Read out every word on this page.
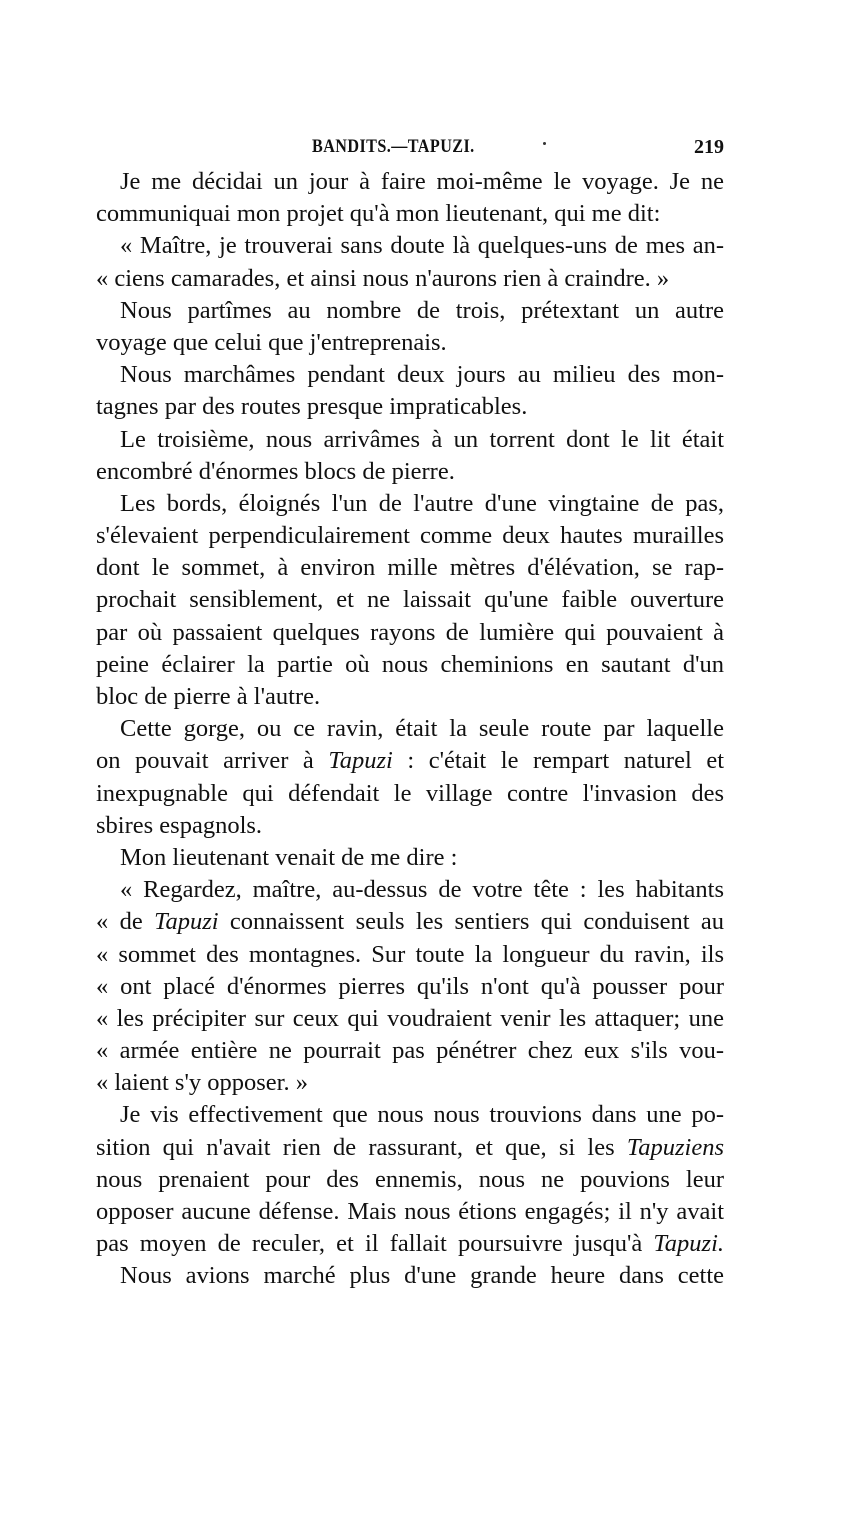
BANDITS.—TAPUZI.	219
Je me décidai un jour à faire moi-même le voyage. Je ne
communiquai mon projet qu'à mon lieutenant, qui me dit:
« Maître, je trouverai sans doute là quelques-uns de mes an-
« ciens camarades, et ainsi nous n'aurons rien à craindre. »
Nous partîmes au nombre de trois, prétextant un autre
voyage que celui que j'entreprenais.
Nous marchâmes pendant deux jours au milieu des mon-
tagnes par des routes presque impraticables.
Le troisième, nous arrivâmes à un torrent dont le lit était
encombré d'énormes blocs de pierre.
Les bords, éloignés l'un de l'autre d'une vingtaine de pas,
s'élevaient perpendiculairement comme deux hautes murailles
dont le sommet, à environ mille mètres d'élévation, se rap-
prochait sensiblement, et ne laissait qu'une faible ouverture
par où passaient quelques rayons de lumière qui pouvaient à
peine éclairer la partie où nous cheminions en sautant d'un
bloc de pierre à l'autre.
Cette gorge, ou ce ravin, était la seule route par laquelle
on pouvait arriver à Tapuzi : c'était le rempart naturel et
inexpugnable qui défendait le village contre l'invasion des
sbires espagnols.
Mon lieutenant venait de me dire :
« Regardez, maître, au-dessus de votre tête : les habitants
« de Tapuzi connaissent seuls les sentiers qui conduisent au
« sommet des montagnes. Sur toute la longueur du ravin, ils
« ont placé d'énormes pierres qu'ils n'ont qu'à pousser pour
« les précipiter sur ceux qui voudraient venir les attaquer; une
« armée entière ne pourrait pas pénétrer chez eux s'ils vou-
« laient s'y opposer. »
Je vis effectivement que nous nous trouvions dans une po-
sition qui n'avait rien de rassurant, et que, si les Tapuziens
nous prenaient pour des ennemis, nous ne pouvions leur
opposer aucune défense. Mais nous étions engagés; il n'y avait
pas moyen de reculer, et il fallait poursuivre jusqu'à Tapuzi.
Nous avions marché plus d'une grande heure dans cette
